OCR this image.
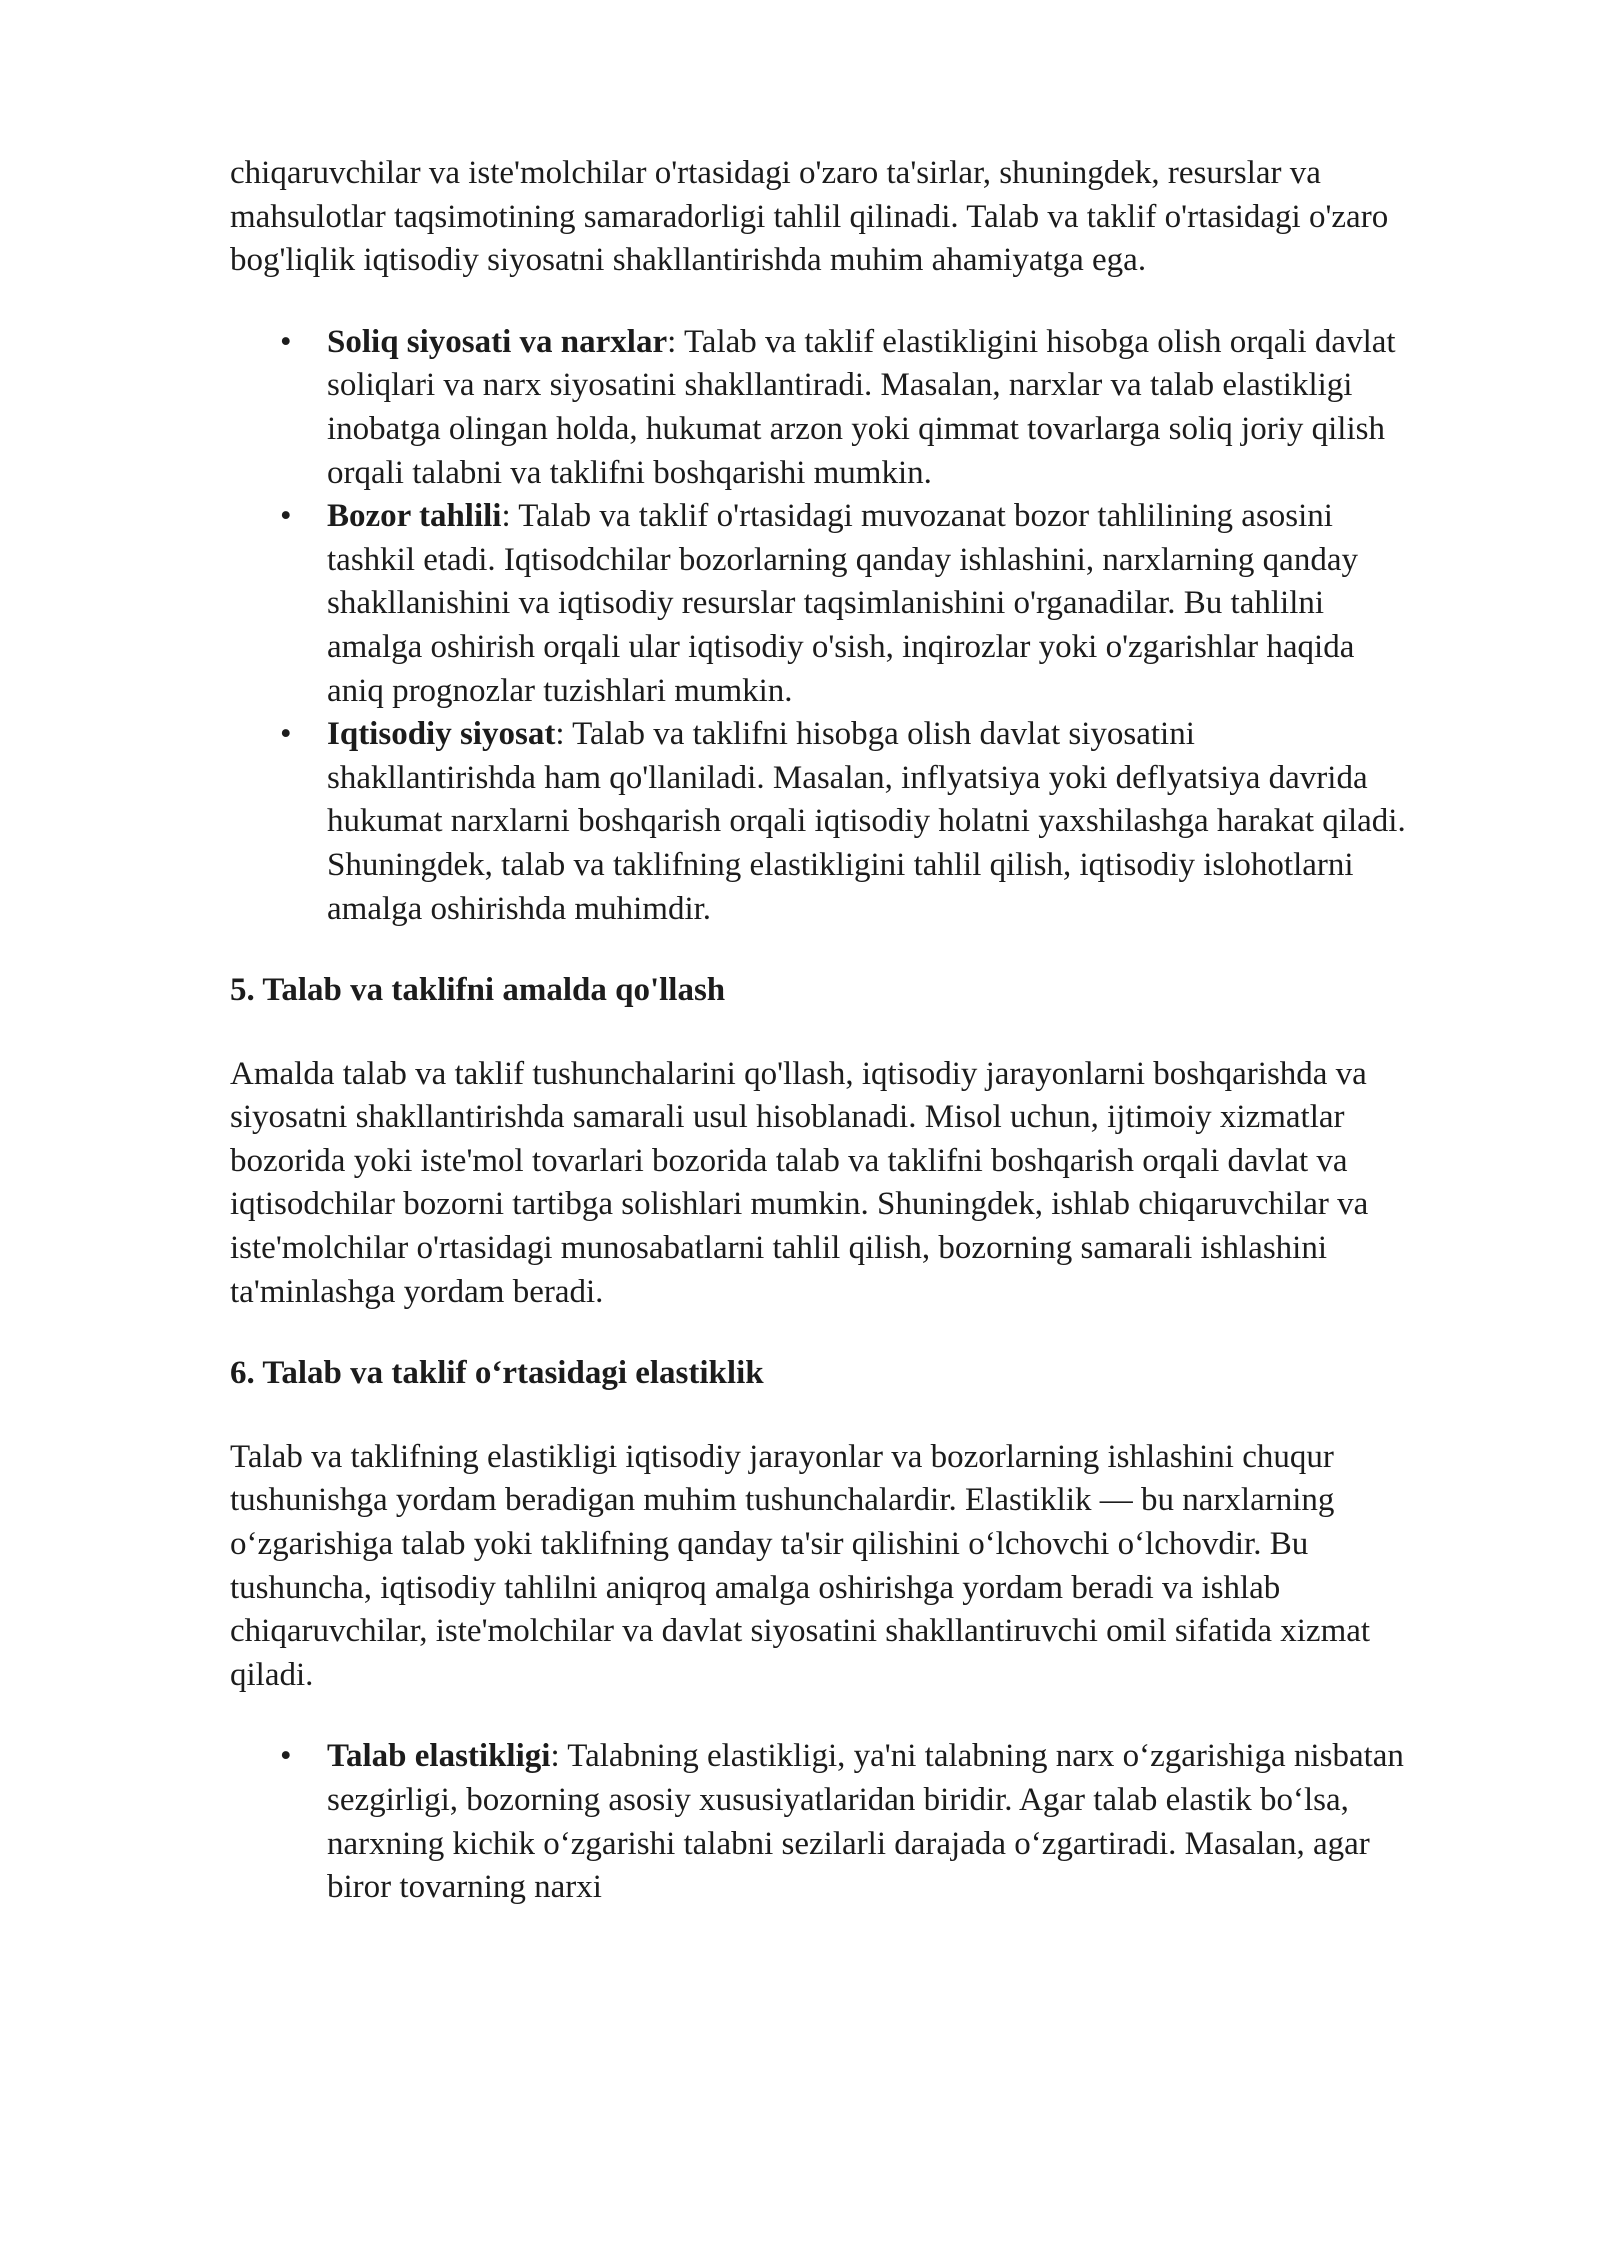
chiqaruvchilar va iste'molchilar o'rtasidagi o'zaro ta'sirlar, shuningdek, resurslar va mahsulotlar taqsimotining samaradorligi tahlil qilinadi. Talab va taklif o'rtasidagi o'zaro bog'liqlik iqtisodiy siyosatni shakllantirishda muhim ahamiyatga ega.

• Soliq siyosati va narxlar: Talab va taklif elastikligini hisobga olish orqali davlat soliqlari va narx siyosatini shakllantiradi. Masalan, narxlar va talab elastikligi inobatga olingan holda, hukumat arzon yoki qimmat tovarlarga soliq joriy qilish orqali talabni va taklifni boshqarishi mumkin.
• Bozor tahlili: Talab va taklif o'rtasidagi muvozanat bozor tahlilining asosini tashkil etadi. Iqtisodchilar bozorlarning qanday ishlashini, narxlarning qanday shakllanishini va iqtisodiy resurslar taqsimlanishini o'rganadilar. Bu tahlilni amalga oshirish orqali ular iqtisodiy o'sish, inqirozlar yoki o'zgarishlar haqida aniq prognozlar tuzishlari mumkin.
• Iqtisodiy siyosat: Talab va taklifni hisobga olish davlat siyosatini shakllantirishda ham qo'llaniladi. Masalan, inflyatsiya yoki deflyatsiya davrida hukumat narxlarni boshqarish orqali iqtisodiy holatni yaxshilashga harakat qiladi. Shuningdek, talab va taklifning elastikligini tahlil qilish, iqtisodiy islohotlarni amalga oshirishda muhimdir.
5. Talab va taklifni amalda qo'llash

Amalda talab va taklif tushunchalarini qo'llash, iqtisodiy jarayonlarni boshqarishda va siyosatni shakllantirishda samarali usul hisoblanadi. Misol uchun, ijtimoiy xizmatlar bozorida yoki iste'mol tovarlari bozorida talab va taklifni boshqarish orqali davlat va iqtisodchilar bozorni tartibga solishlari mumkin. Shuningdek, ishlab chiqaruvchilar va iste'molchilar o'rtasidagi munosabatlarni tahlil qilish, bozorning samarali ishlashini ta'minlashga yordam beradi.

6. Talab va taklif o‘rtasidagi elastiklik

Talab va taklifning elastikligi iqtisodiy jarayonlar va bozorlarning ishlashini chuqur tushunishga yordam beradigan muhim tushunchalardir. Elastiklik — bu narxlarning o‘zgarishiga talab yoki taklifning qanday ta'sir qilishini o‘lchovchi o‘lchovdir. Bu tushuncha, iqtisodiy tahlilni aniqroq amalga oshirishga yordam beradi va ishlab chiqaruvchilar, iste'molchilar va davlat siyosatini shakllantiruvchi omil sifatida xizmat qiladi.

• Talab elastikligi: Talabning elastikligi, ya'ni talabning narx o‘zgarishiga nisbatan sezgirligi, bozorning asosiy xususiyatlaridan biridir. Agar talab elastik bo‘lsa, narxning kichik o‘zgarishi talabni sezilarli darajada o‘zgartiradi. Masalan, agar biror tovarning narxi
